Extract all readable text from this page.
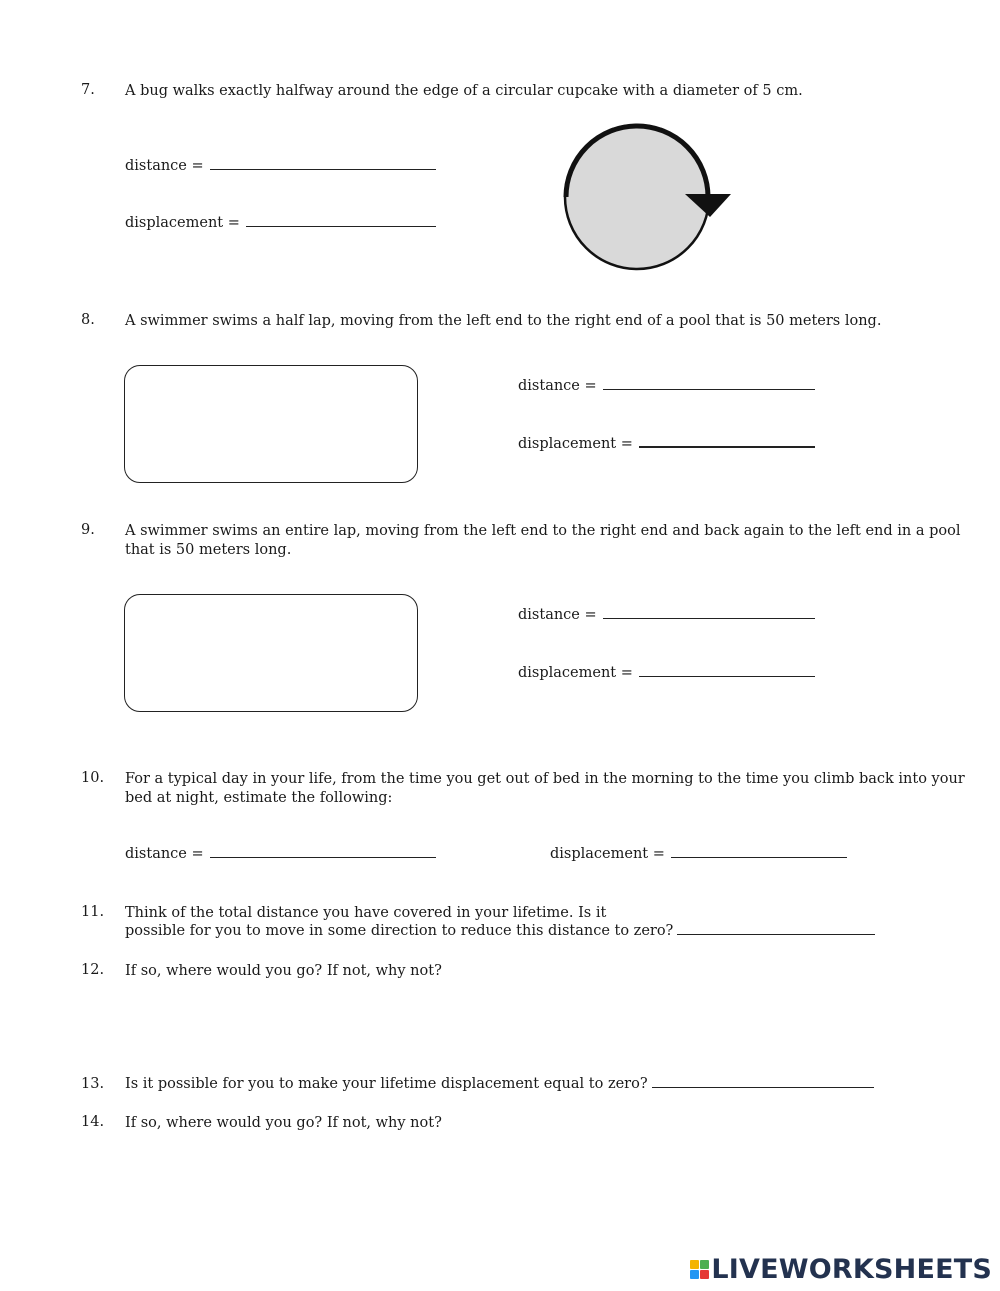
7. A bug walks exactly halfway around the edge of a circular cupcake with a diameter of 5 cm.
distance =
displacement =
8. A swimmer swims a half lap, moving from the left end to the right end of a pool that is 50 meters long.
distance =
displacement =
9. A swimmer swims an entire lap, moving from the left end to the right end and back again to the left end in a pool
that is 50 meters long.
distance =
displacement =
10. For a typical day in your life, from the time you get out of bed in the morning to the time you climb back into your
bed at night, estimate the following:
distance =	displacement =
11. Think of the total distance you have covered in your lifetime. Is it
possible for you to move in some direction to reduce this distance to zero?
12. If so, where would you go? If not, why not?
13. Is it possible for you to make your lifetime displacement equal to zero?
14. If so, where would you go? If not, why not?
LIVEWORKSHEETS
